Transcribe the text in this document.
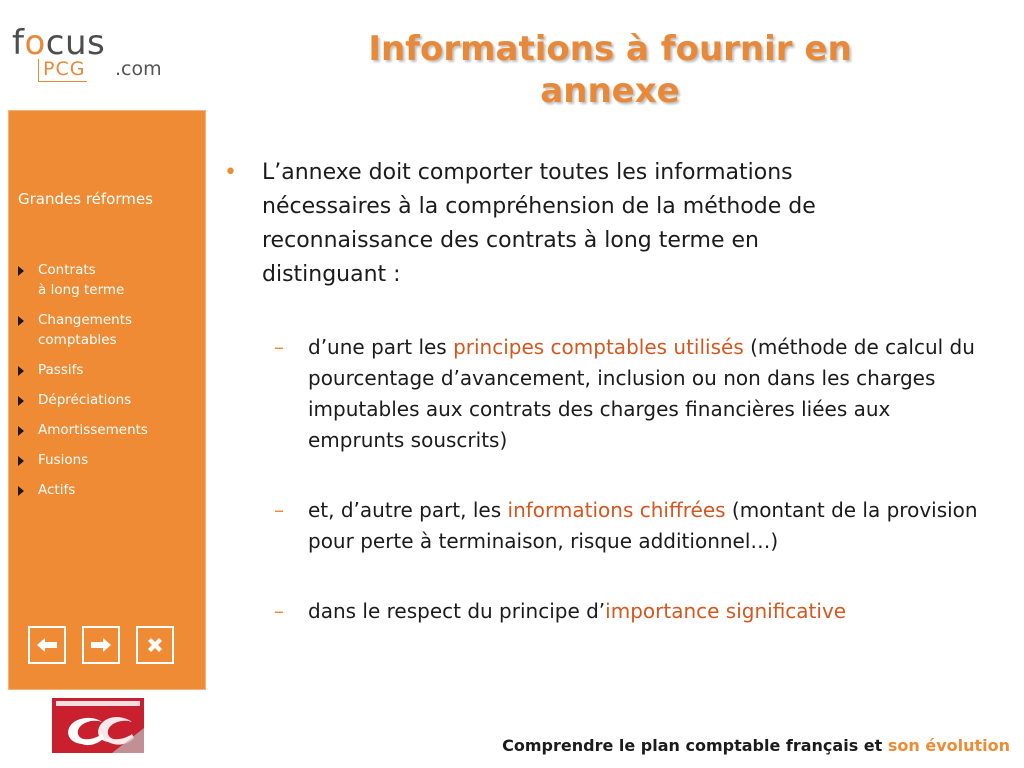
focus
PCG .com	Informations à fournir en annexe
Grandes réformes
Contrats
à long terme
Changements
comptables
Passifs
Dépréciations
Amortissements
Fusions
Actifs
• L’annexe doit comporter toutes les informations nécessaires à la compréhension de la méthode de reconnaissance des contrats à long terme en distinguant :
– d’une part les principes comptables utilisés (méthode de calcul du pourcentage d’avancement, inclusion ou non dans les charges imputables aux contrats des charges financières liées aux emprunts souscrits)
– et, d’autre part, les informations chiffrées (montant de la provision pour perte à terminaison, risque additionnel…)
– dans le respect du principe d’importance significative
Comprendre le plan comptable français et son évolution
